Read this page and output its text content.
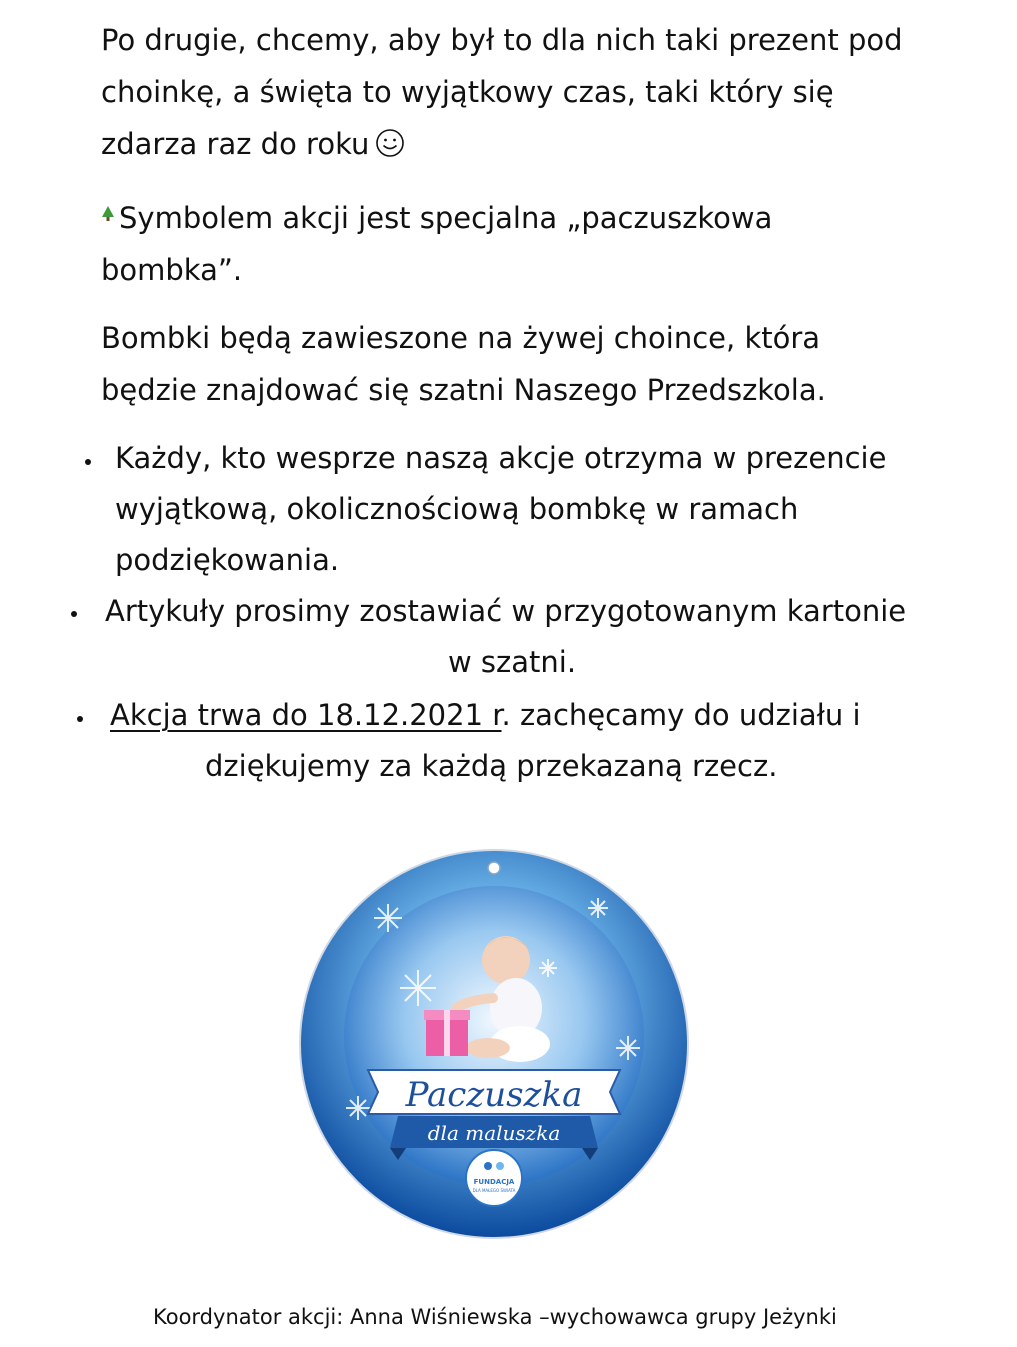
Po drugie, chcemy, aby był to dla nich taki prezent pod
choinkę, a święta to wyjątkowy czas, taki który się
zdarza raz do roku
Symbolem akcji jest specjalna „paczuszkowa
bombka”.
Bombki będą zawieszone na żywej choince, która
będzie znajdować się szatni Naszego Przedszkola.
Każdy, kto wesprze naszą akcje otrzyma w prezencie
wyjątkową, okolicznościową bombkę w ramach
podziękowania.
Artykuły prosimy zostawiać w przygotowanym kartonie
w szatni.
Akcja trwa do 18.12.2021 r. zachęcamy do udziału i
dziękujemy za każdą przekazaną rzecz.
Paczuszka
dla maluszka
FUNDACJA
DLA MAŁEGO ŚWIATA
Koordynator akcji: Anna Wiśniewska –wychowawca grupy Jeżynki
